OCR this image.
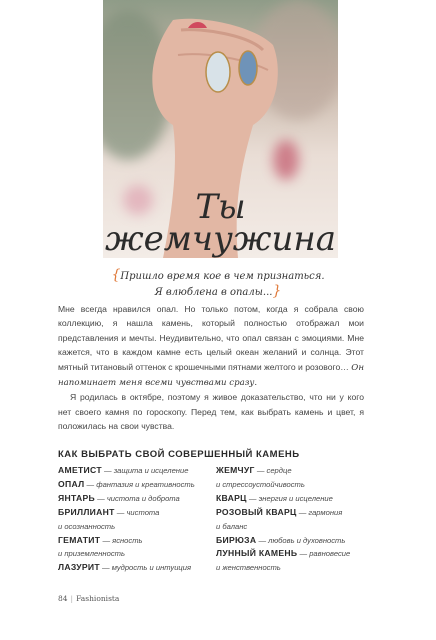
Ты
жемчужина
{Пришло время кое в чем признаться.
Я влюблена в опалы...}

Мне всегда нравился опал. Но только потом, когда я собрала свою коллекцию, я нашла камень, который полностью отображал мои представления и мечты. Неудивительно, что опал связан с эмоциями. Мне кажется, что в каждом камне есть целый океан желаний и солнца. Этот мятный титановый оттенок с крошечными пятнами желтого и розового… Он напоминает меня всеми чувствами сразу.

Я родилась в октябре, поэтому я живое доказательство, что ни у кого нет своего камня по гороскопу. Перед тем, как выбрать камень и цвет, я положилась на свои чувства.

КАК ВЫБРАТЬ СВОЙ СОВЕРШЕННЫЙ КАМЕНЬ
АМЕТИСТ — защита и исцеление
ОПАЛ — фантазия и креативность
ЯНТАРЬ — чистота и доброта
БРИЛЛИАНТ — чистота
и осознанность
ГЕМАТИТ — ясность
и приземленность
ЛАЗУРИТ — мудрость и интуиция
ЖЕМЧУГ — сердце
и стрессоустойчивость
КВАРЦ — энергия и исцеление
РОЗОВЫЙ КВАРЦ — гармония
и баланс
БИРЮЗА — любовь и духовность
ЛУННЫЙ КАМЕНЬ — равновесие
и женственность
84 | Fashionista
